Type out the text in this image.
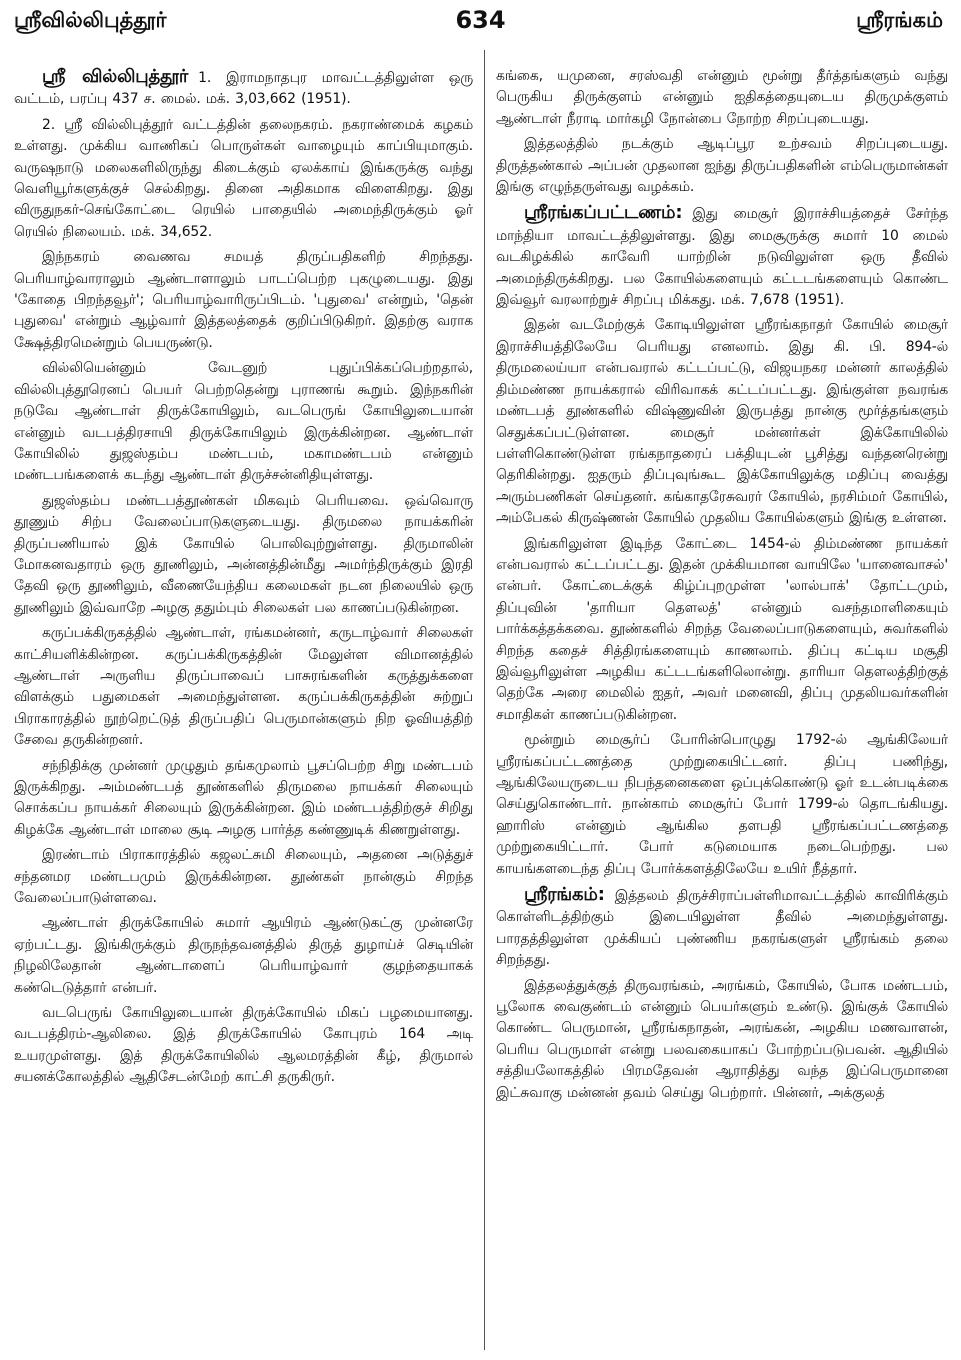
ஸ்ரீவில்லிபுத்தூர்	634	ஸ்ரீரங்கம்

ஸ்ரீ வில்லிபுத்தூர் 1. இராமநாதபுர மாவட்டத்திலுள்ள ஒரு வட்டம், பரப்பு 437 ச. மைல். மக். 3,03,662 (1951).

2. ஸ்ரீ வில்லிபுத்தூர் வட்டத்தின் தலைநகரம். நகராண்மைக் கழகம் உள்ளது. முக்கிய வாணிகப் பொருள்கள் வாழையும் காப்பியுமாகும். வருஷநாடு மலைகளிலிருந்து கிடைக்கும் ஏலக்காய் இங்கருக்கு வந்து வெளியூர்களுக்குச் செல்கிறது. தினை அதிகமாக விளைகிறது. இது விருதுநகர்-செங்கோட்டை ரெயில் பாதையில் அமைந்திருக்கும் ஓர் ரெயில் நிலையம். மக். 34,652.

இந்நகரம் வைணவ சமயத் திருப்பதிகளிற் சிறந்தது. பெரியாழ்வாராலும் ஆண்டாளாலும் பாடப்பெற்ற புகழுடையது. இது 'கோதை பிறந்தவூர்'; பெரியாழ்வாரிருப்பிடம். 'புதுவை' என்றும், 'தென் புதுவை' என்றும் ஆழ்வார் இத்தலத்தைக் குறிப்பிடுகிறர். இதற்கு வராக க்ஷேத்திரமென்றும் பெயருண்டு.

வில்லியென்னும் வேடனுற் புதுப்பிக்கப்பெற்றதால், வில்லிபுத்தூரெனப் பெயர் பெற்றதென்று புராணங் கூறும். இந்நகரின் நடுவே ஆண்டாள் திருக்கோயிலும், வடபெருங் கோயிலுடையான் என்னும் வடபத்திரசாயி திருக்கோயிலும் இருக்கின்றன. ஆண்டாள் கோயிலில் துஜஸ்தம்ப மண்டபம், மகாமண்டபம் என்னும் மண்டபங்களைக் கடந்து ஆண்டாள் திருச்சன்னிதியுள்ளது.

துஜஸ்தம்ப மண்டபத்தூண்கள் மிகவும் பெரியவை. ஒவ்வொரு தூணும் சிற்ப வேலைப்பாடுகளுடையது. திருமலை நாயக்கரின் திருப்பணியால் இக் கோயில் பொலிவுற்றுள்ளது. திருமாலின் மோகனவதாரம் ஒரு தூணிலும், அன்னத்தின்மீது அமர்ந்திருக்கும் இரதி தேவி ஒரு தூணிலும், வீணையேந்திய கலைமகள் நடன நிலையில் ஒரு தூணிலும் இவ்வாறே அழகு ததும்பும் சிலைகள் பல காணப்படுகின்றன.

கருப்பக்கிருகத்தில் ஆண்டாள், ரங்கமன்னர், கருடாழ்வார் சிலைகள் காட்சியளிக்கின்றன. கருப்பக்கிருகத்தின் மேலுள்ள விமானத்தில் ஆண்டாள் அருளிய திருப்பாவைப் பாசுரங்களின் கருத்துக்களை விளக்கும் பதுமைகள் அமைந்துள்ளன. கருப்பக்கிருகத்தின் சுற்றுப் பிராகாரத்தில் நூற்றெட்டுத் திருப்பதிப் பெருமான்களும் நிற ஓவியத்திற் சேவை தருகின்றனர்.

சந்நிதிக்கு முன்னர் முழுதும் தங்கமுலாம் பூசப்பெற்ற சிறு மண்டபம் இருக்கிறது. அம்மண்டபத் தூண்களில் திருமலை நாயக்கர் சிலையும் சொக்கப்ப நாயக்கர் சிலையும் இருக்கின்றன. இம் மண்டபத்திற்குச் சிறிது கிழக்கே ஆண்டாள் மாலை சூடி அழகு பார்த்த கண்ணுடிக் கிணறுள்ளது.

இரண்டாம் பிராகாரத்தில் கஜலட்சுமி சிலையும், அதனை அடுத்துச் சந்தனமர மண்டபமும் இருக்கின்றன. தூண்கள் நான்கும் சிறந்த வேலைப்பாடுள்ளவை.

ஆண்டாள் திருக்கோயில் சுமார் ஆயிரம் ஆண்டுகட்கு முன்னரே ஏற்பட்டது. இங்கிருக்கும் திருநந்தவனத்தில் திருத் துழாய்ச் செடியின் நிழலிலேதான் ஆண்டாளைப் பெரியாழ்வார் குழந்தையாகக் கண்டெடுத்தார் என்பர்.

வடபெருங் கோயிலுடையான் திருக்கோயில் மிகப் பழமையானது. வடபத்திரம்-ஆலிலை. இத் திருக்கோயில் கோபுரம் 164 அடி உயரமுள்ளது. இத் திருக்கோயிலில் ஆலமரத்தின் கீழ், திருமால் சயனக்கோலத்தில் ஆதிசேடன்மேற் காட்சி தருகிருர்.

கங்கை, யமுனை, சரஸ்வதி என்னும் மூன்று தீர்த்தங்களும் வந்து பெருகிய திருக்குளம் என்னும் ஐதிகத்தையுடைய திருமுக்குளம் ஆண்டாள் நீராடி மார்கழி நோன்பை நோற்ற சிறப்புடையது.

இத்தலத்தில் நடக்கும் ஆடிப்பூர உற்சவம் சிறப்புடையது. திருத்தண்கால் அப்பன் முதலான ஐந்து திருப்பதிகளின் எம்பெருமான்கள் இங்கு எழுந்தருள்வது வழக்கம்.

ஸ்ரீரங்கப்பட்டணம்: இது மைசூர் இராச்சியத்தைச் சேர்ந்த மாந்தியா மாவட்டத்திலுள்ளது. இது மைசூருக்கு சுமார் 10 மைல் வடகிழக்கில் காவேரி யாற்றின் நடுவிலுள்ள ஒரு தீவில் அமைந்திருக்கிறது. பல கோயில்களையும் கட்டடங்களையும் கொண்ட இவ்வூர் வரலாற்றுச் சிறப்பு மிக்கது. மக். 7,678 (1951).

இதன் வடமேற்குக் கோடியிலுள்ள ஸ்ரீரங்கநாதர் கோயில் மைசூர் இராச்சியத்திலேயே பெரியது எனலாம். இது கி. பி. 894-ல் திருமலைய்யா என்பவரால் கட்டப்பட்டு, விஜயநகர மன்னர் காலத்தில் திம்மண்ண நாயக்கரால் விரிவாகக் கட்டப்பட்டது. இங்குள்ள நவரங்க மண்டபத் தூண்களில் விஷ்ணுவின் இருபத்து நான்கு மூர்த்தங்களும் செதுக்கப்பட்டுள்ளன. மைசூர் மன்னர்கள் இக்கோயிலில் பள்ளிகொண்டுள்ள ரங்கநாதரைப் பக்தியுடன் பூசித்து வந்தனரென்று தெரிகின்றது. ஐதரும் திப்புவுங்கூட இக்கோயிலுக்கு மதிப்பு வைத்து அரும்பணிகள் செய்தனர். கங்காதரேசுவரர் கோயில், நரசிம்மர் கோயில், அம்பேகல் கிருஷ்ணன் கோயில் முதலிய கோயில்களும் இங்கு உள்ளன.

இங்கரிலுள்ள இடிந்த கோட்டை 1454-ல் திம்மண்ண நாயக்கர் என்பவரால் கட்டப்பட்டது. இதன் முக்கியமான வாயிலே 'யானைவாசல்' என்பர். கோட்டைக்குக் கிழ்ப்புறமுள்ள 'லால்பாக்' தோட்டமும், திப்புவின் 'தாரியா தௌலத்' என்னும் வசந்தமாளிகையும் பார்க்கத்தக்கவை. தூண்களில் சிறந்த வேலைப்பாடுகளையும், சுவர்களில் சிறந்த கதைச் சித்திரங்களையும் காணலாம். திப்பு கட்டிய மசூதி இவ்வூரிலுள்ள அழகிய கட்டடங்களிலொன்று. தாரியா தௌலத்திற்குத் தெற்கே அரை மைலில் ஐதர், அவர் மனைவி, திப்பு முதலியவர்களின் சமாதிகள் காணப்படுகின்றன.

மூன்றும் மைசூர்ப் போரின்பொழுது 1792-ல் ஆங்கிலேயர் ஸ்ரீரங்கப்பட்டணத்தை முற்றுகையிட்டனர். திப்பு பணிந்து, ஆங்கிலேயருடைய நிபந்தனைகளை ஒப்புக்கொண்டு ஓர் உடன்படிக்கை செய்துகொண்டார். நான்காம் மைசூர்ப் போர் 1799-ல் தொடங்கியது. ஹாரிஸ் என்னும் ஆங்கில தளபதி ஸ்ரீரங்கப்பட்டணத்தை முற்றுகையிட்டார். போர் கடுமையாக நடைபெற்றது. பல காயங்களடைந்த திப்பு போர்க்களத்திலேயே உயிர் நீத்தார்.

ஸ்ரீரங்கம்: இத்தலம் திருச்சிராப்பள்ளிமாவட்டத்தில் காவிரிக்கும் கொள்ளிடத்திற்கும் இடையிலுள்ள தீவில் அமைந்துள்ளது. பாரதத்திலுள்ள முக்கியப் புண்ணிய நகரங்களுள் ஸ்ரீரங்கம் தலை சிறந்தது.

இத்தலத்துக்குத் திருவரங்கம், அரங்கம், கோயில், போக மண்டபம், பூலோக வைகுண்டம் என்னும் பெயர்களும் உண்டு. இங்குக் கோயில் கொண்ட பெருமான், ஸ்ரீரங்கநாதன், அரங்கன், அழகிய மணவாளன், பெரிய பெருமாள் என்று பலவகையாகப் போற்றப்படுபவன். ஆதியில் சத்தியலோகத்தில் பிரமதேவன் ஆராதித்து வந்த இப்பெருமானை இட்சுவாகு மன்னன் தவம் செய்து பெற்றார். பின்னர், அக்குலத்
